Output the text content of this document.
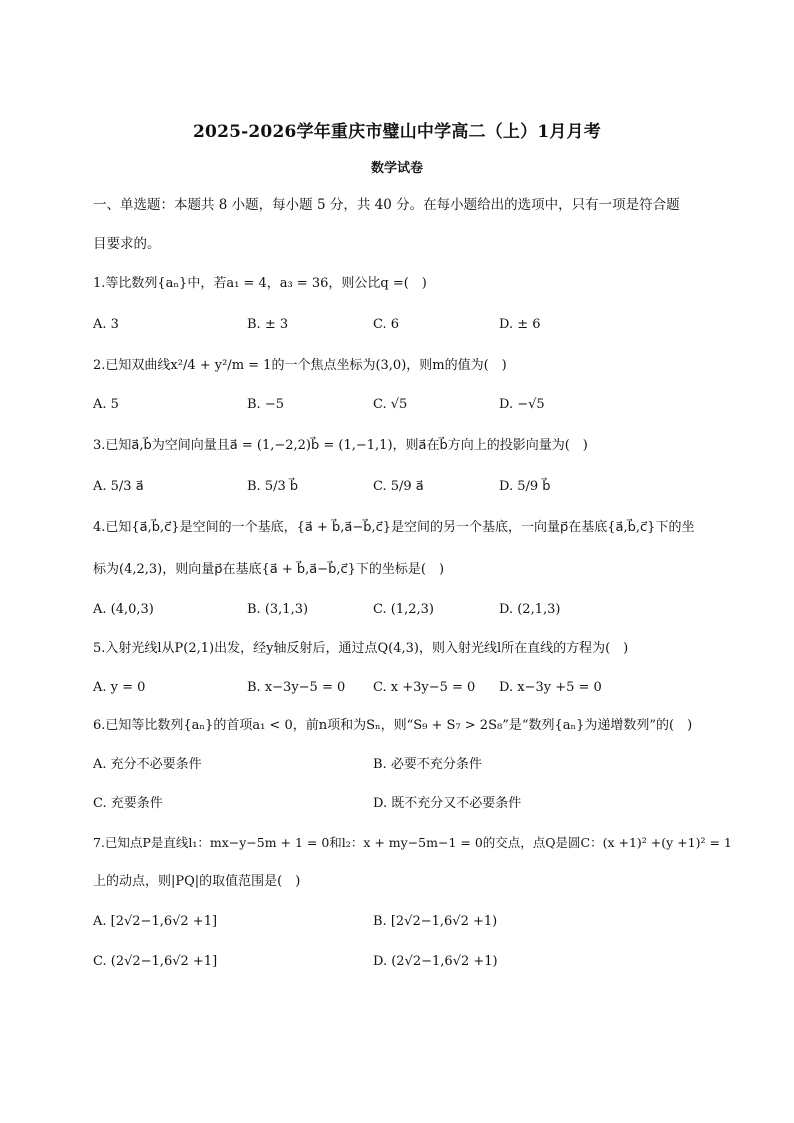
2025-2026学年重庆市璧山中学高二（上）1月月考
数学试卷
一、单选题：本题共 8 小题，每小题 5 分，共 40 分。在每小题给出的选项中，只有一项是符合题
目要求的。
1.等比数列{aₙ}中，若a₁ = 4，a₃ = 36，则公比q =(　)
A. 3	B. ± 3	C. 6	D. ± 6
2.已知双曲线x²/4 + y²/m = 1的一个焦点坐标为(3,0)，则m的值为(　)
A. 5	B. −5	C. √5	D. −√5
3.已知a⃗,b⃗为空间向量且a⃗ = (1,−2,2)b⃗ = (1,−1,1)，则a⃗在b⃗方向上的投影向量为(　)
A. 5/3 a⃗	B. 5/3 b⃗	C. 5/9 a⃗	D. 5/9 b⃗
4.已知{a⃗,b⃗,c⃗}是空间的一个基底，{a⃗ + b⃗,a⃗−b⃗,c⃗}是空间的另一个基底，一向量p⃗在基底{a⃗,b⃗,c⃗}下的坐
标为(4,2,3)，则向量p⃗在基底{a⃗ + b⃗,a⃗−b⃗,c⃗}下的坐标是(　)
A. (4,0,3)	B. (3,1,3)	C. (1,2,3)	D. (2,1,3)
5.入射光线l从P(2,1)出发，经y轴反射后，通过点Q(4,3)，则入射光线l所在直线的方程为(　)
A. y = 0	B. x−3y−5 = 0 C. x +3y−5 = 0 D. x−3y +5 = 0
6.已知等比数列{aₙ}的首项a₁ < 0，前n项和为Sₙ，则“S₉ + S₇ > 2S₈”是“数列{aₙ}为递增数列”的(　)
A. 充分不必要条件	B. 必要不充分条件
C. 充要条件	D. 既不充分又不必要条件
7.已知点P是直线l₁：mx−y−5m + 1 = 0和l₂：x + my−5m−1 = 0的交点，点Q是圆C：(x +1)² +(y +1)² = 1
上的动点，则|PQ|的取值范围是(　)
A. [2√2−1,6√2 +1]	B. [2√2−1,6√2 +1)
C. (2√2−1,6√2 +1]	D. (2√2−1,6√2 +1)
